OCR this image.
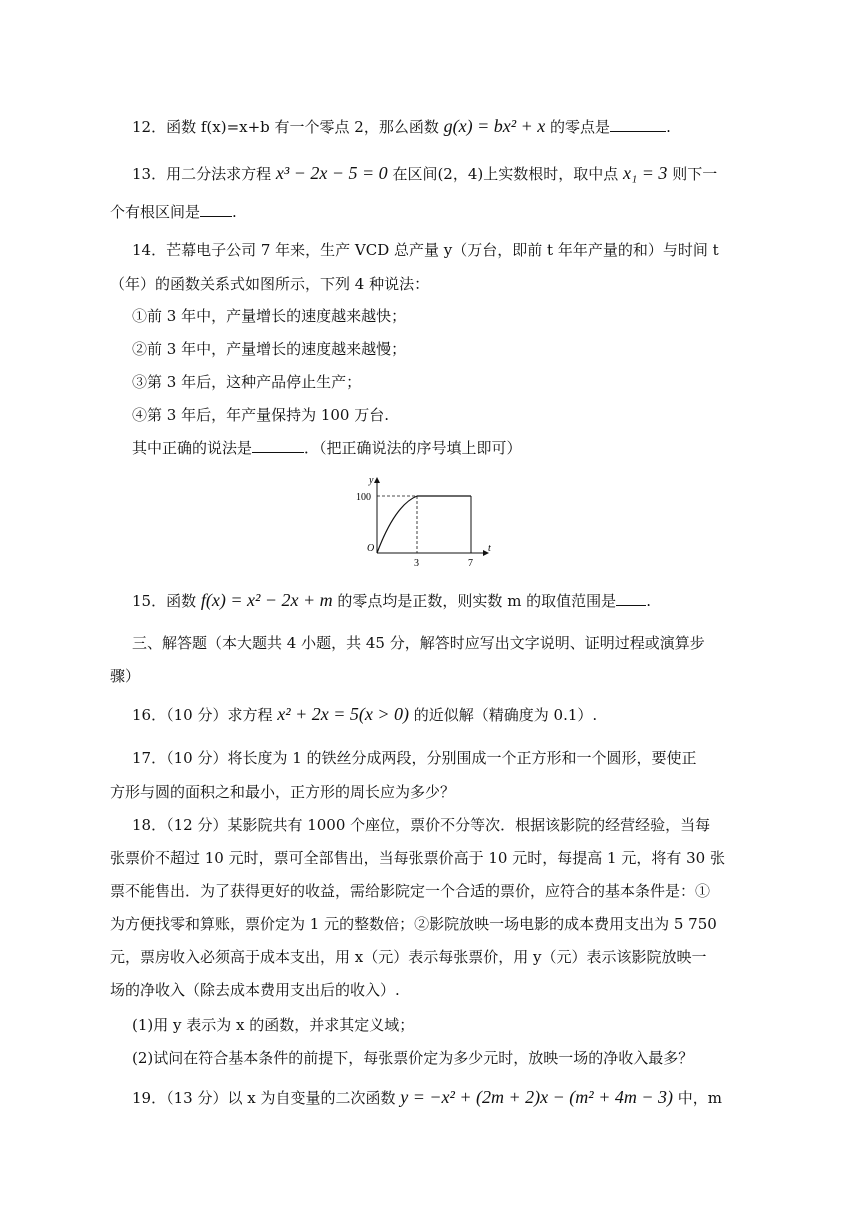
12．函数 f(x)=x+b 有一个零点 2，那么函数 g(x) = bx² + x 的零点是	.
13．用二分法求方程 x³ − 2x − 5 = 0 在区间(2，4)上实数根时，取中点 x₁ = 3 则下一
个有根区间是 .
14．芒幕电子公司 7 年来，生产 VCD 总产量 y（万台，即前 t 年年产量的和）与时间 t
（年）的函数关系式如图所示，下列 4 种说法：
①前 3 年中，产量增长的速度越来越快；
②前 3 年中，产量增长的速度越来越慢；
③第 3 年后，这种产品停止生产；
④第 3 年后，年产量保持为 100 万台.
其中正确的说法是	．（把正确说法的序号填上即可）
y
t
O
100
3	7
15．函数 f(x) = x² − 2x + m 的零点均是正数，则实数 m 的取值范围是 .
三、解答题（本大题共 4 小题，共 45 分，解答时应写出文字说明、证明过程或演算步
骤）
16．（10 分）求方程 x² + 2x = 5(x > 0) 的近似解（精确度为 0.1）.
17．（10 分）将长度为 1 的铁丝分成两段，分别围成一个正方形和一个圆形，要使正
方形与圆的面积之和最小，正方形的周长应为多少？
18．（12 分）某影院共有 1000 个座位，票价不分等次．根据该影院的经营经验，当每
张票价不超过 10 元时，票可全部售出，当每张票价高于 10 元时，每提高 1 元，将有 30 张
票不能售出．为了获得更好的收益，需给影院定一个合适的票价，应符合的基本条件是：①
为方便找零和算账，票价定为 1 元的整数倍；②影院放映一场电影的成本费用支出为 5 750
元，票房收入必须高于成本支出，用 x（元）表示每张票价，用 y（元）表示该影院放映一
场的净收入（除去成本费用支出后的收入）.
(1)用 y 表示为 x 的函数，并求其定义域；
(2)试问在符合基本条件的前提下，每张票价定为多少元时，放映一场的净收入最多？
19．（13 分）以 x 为自变量的二次函数 y = −x² + (2m + 2)x − (m² + 4m − 3) 中，m
